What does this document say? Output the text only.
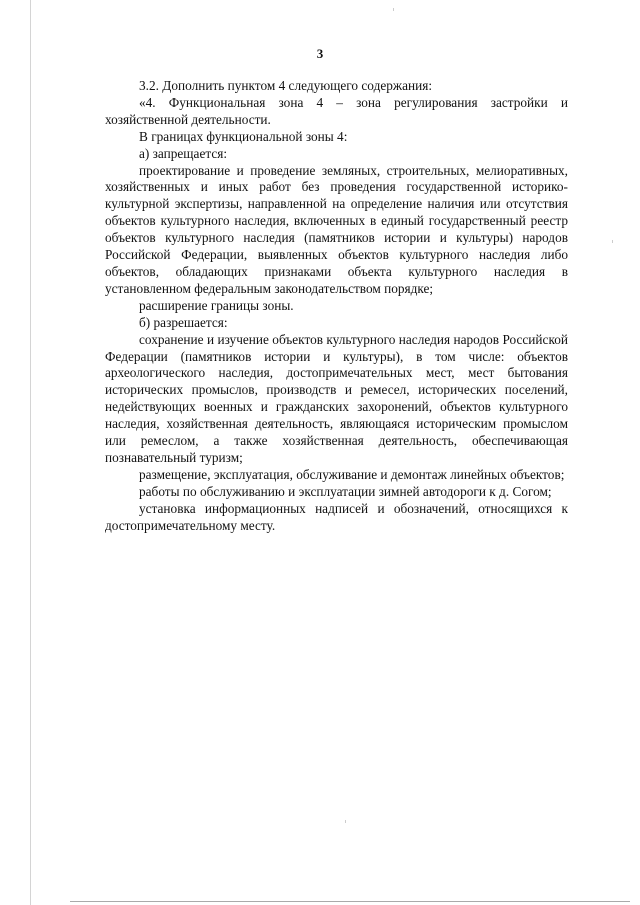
3

3.2. Дополнить пунктом 4 следующего содержания:

«4. Функциональная зона 4 – зона регулирования застройки и хозяйственной деятельности.

В границах функциональной зоны 4:

а) запрещается:

проектирование и проведение земляных, строительных, мелиоративных, хозяйственных и иных работ без проведения государственной историко-культурной экспертизы, направленной на определение наличия или отсутствия объектов культурного наследия, включенных в единый государственный реестр объектов культурного наследия (памятников истории и культуры) народов Российской Федерации, выявленных объектов культурного наследия либо объектов, обладающих признаками объекта культурного наследия в установленном федеральным законодательством порядке;

расширение границы зоны.

б) разрешается:

сохранение и изучение объектов культурного наследия народов Российской Федерации (памятников истории и культуры), в том числе: объектов археологического наследия, достопримечательных мест, мест бытования исторических промыслов, производств и ремесел, исторических поселений, недействующих военных и гражданских захоронений, объектов культурного наследия, хозяйственная деятельность, являющаяся историческим промыслом или ремеслом, а также хозяйственная деятельность, обеспечивающая познавательный туризм;

размещение, эксплуатация, обслуживание и демонтаж линейных объектов;

работы по обслуживанию и эксплуатации зимней автодороги к д. Согом;

установка информационных надписей и обозначений, относящихся к достопримечательному месту.
